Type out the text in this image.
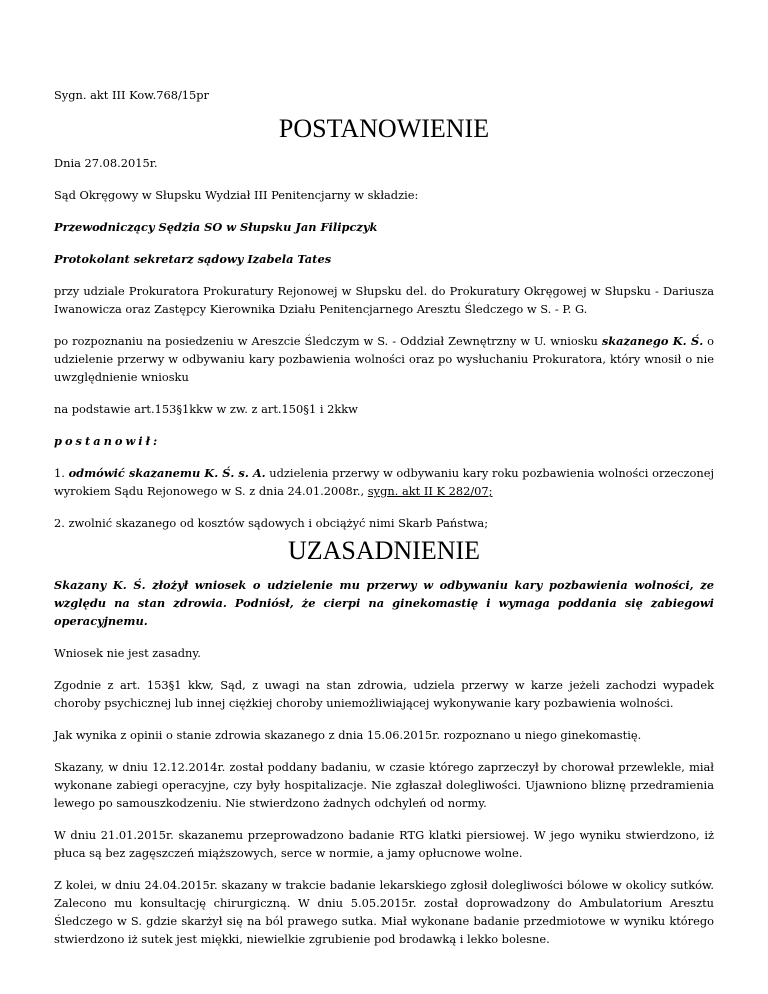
Sygn. akt III Kow.768/15pr

POSTANOWIENIE

Dnia 27.08.2015r.

Sąd Okręgowy w Słupsku Wydział III Penitencjarny w składzie:

Przewodniczący Sędzia SO w Słupsku Jan Filipczyk

Protokolant sekretarz sądowy Izabela Tates

przy udziale Prokuratora Prokuratury Rejonowej w Słupsku del. do Prokuratury Okręgowej w Słupsku - Dariusza Iwanowicza oraz Zastępcy Kierownika Działu Penitencjarnego Aresztu Śledczego w S. - P. G.

po rozpoznaniu na posiedzeniu w Areszcie Śledczym w S. - Oddział Zewnętrzny w U. wniosku skazanego K. Ś. o udzielenie przerwy w odbywaniu kary pozbawienia wolności oraz po wysłuchaniu Prokuratora, który wnosił o nie uwzględnienie wniosku

na podstawie art.153§1kkw w zw. z art.150§1 i 2kkw

postanowił:

1. odmówić skazanemu K. Ś. s. A. udzielenia przerwy w odbywaniu kary roku pozbawienia wolności orzeczonej wyrokiem Sądu Rejonowego w S. z dnia 24.01.2008r., sygn. akt II K 282/07;

2. zwolnić skazanego od kosztów sądowych i obciążyć nimi Skarb Państwa;

UZASADNIENIE

Skazany K. Ś. złożył wniosek o udzielenie mu przerwy w odbywaniu kary pozbawienia wolności, ze względu na stan zdrowia. Podniósł, że cierpi na ginekomastię i wymaga poddania się zabiegowi operacyjnemu.

Wniosek nie jest zasadny.

Zgodnie z art. 153§1 kkw, Sąd, z uwagi na stan zdrowia, udziela przerwy w karze jeżeli zachodzi wypadek choroby psychicznej lub innej ciężkiej choroby uniemożliwiającej wykonywanie kary pozbawienia wolności.

Jak wynika z opinii o stanie zdrowia skazanego z dnia 15.06.2015r. rozpoznano u niego ginekomastię.

Skazany, w dniu 12.12.2014r. został poddany badaniu, w czasie którego zaprzeczył by chorował przewlekle, miał wykonane zabiegi operacyjne, czy były hospitalizacje. Nie zgłaszał dolegliwości. Ujawniono bliznę przedramienia lewego po samouszkodzeniu. Nie stwierdzono żadnych odchyleń od normy.

W dniu 21.01.2015r. skazanemu przeprowadzono badanie RTG klatki piersiowej. W jego wyniku stwierdzono, iż płuca są bez zagęszczeń miąższowych, serce w normie, a jamy opłucnowe wolne.

Z kolei, w dniu 24.04.2015r. skazany w trakcie badanie lekarskiego zgłosił dolegliwości bólowe w okolicy sutków. Zalecono mu konsultację chirurgiczną. W dniu 5.05.2015r. został doprowadzony do Ambulatorium Aresztu Śledczego w S. gdzie skarżył się na ból prawego sutka. Miał wykonane badanie przedmiotowe w wyniku którego stwierdzono iż sutek jest miękki, niewielkie zgrubienie pod brodawką i lekko bolesne.
